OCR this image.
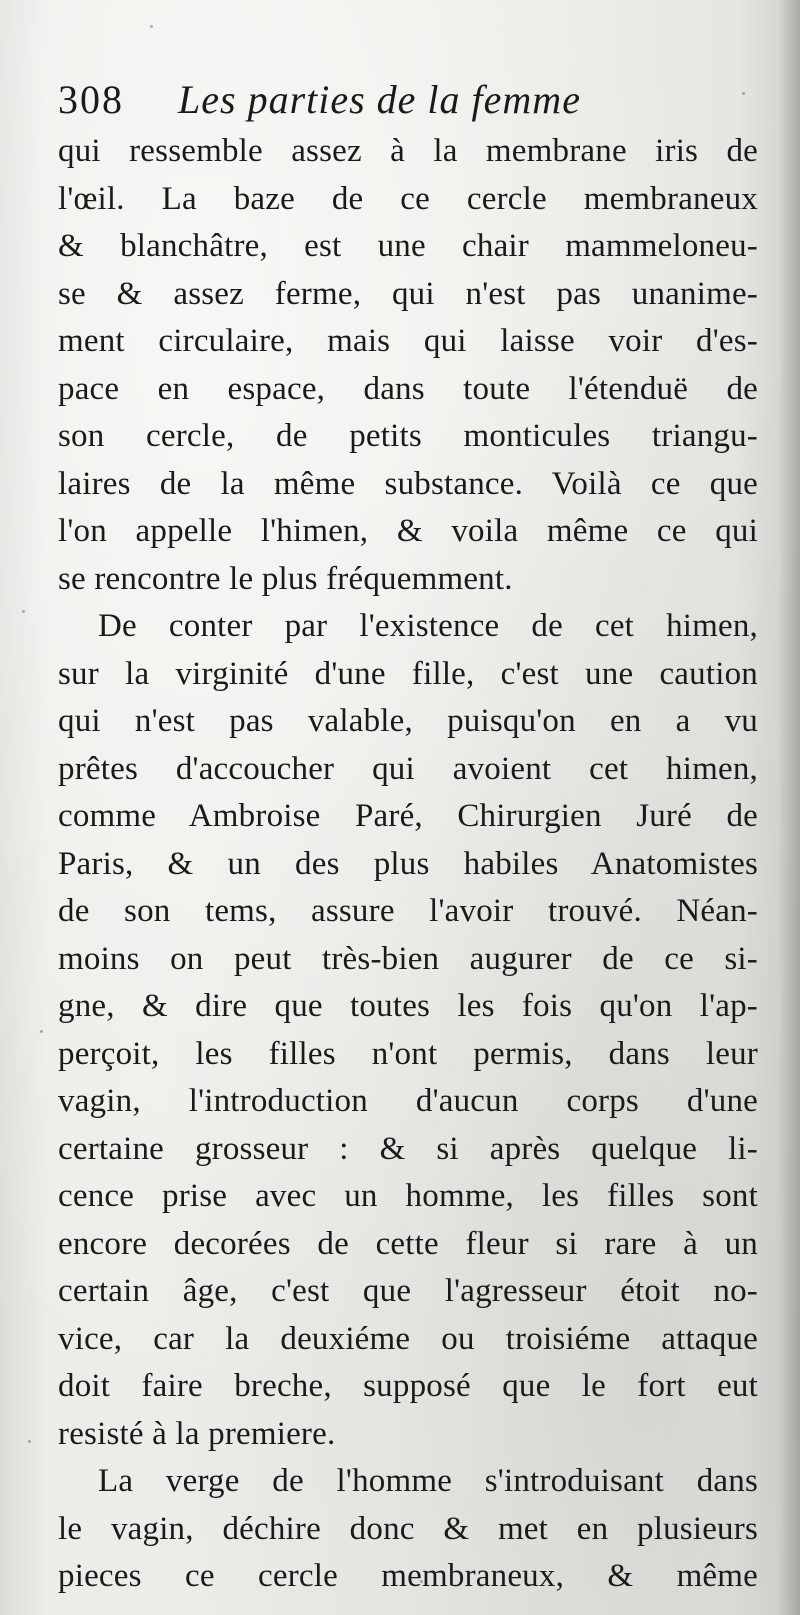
308 Les parties de la femme
qui ressemble assez à la membrane iris de
l'œil. La baze de ce cercle membraneux
& blanchâtre, est une chair mammeloneu-
se & assez ferme, qui n'est pas unanime-
ment circulaire, mais qui laisse voir d'es-
pace en espace, dans toute l'étenduë de
son cercle, de petits monticules triangu-
laires de la même substance. Voilà ce que
l'on appelle l'himen, & voila même ce qui
se rencontre le plus fréquemment.
De conter par l'existence de cet himen,
sur la virginité d'une fille, c'est une caution
qui n'est pas valable, puisqu'on en a vu
prêtes d'accoucher qui avoient cet himen,
comme Ambroise Paré, Chirurgien Juré de
Paris, & un des plus habiles Anatomistes
de son tems, assure l'avoir trouvé. Néan-
moins on peut très-bien augurer de ce si-
gne, & dire que toutes les fois qu'on l'ap-
perçoit, les filles n'ont permis, dans leur
vagin, l'introduction d'aucun corps d'une
certaine grosseur : & si après quelque li-
cence prise avec un homme, les filles sont
encore decorées de cette fleur si rare à un
certain âge, c'est que l'agresseur étoit no-
vice, car la deuxiéme ou troisiéme attaque
doit faire breche, supposé que le fort eut
resisté à la premiere.
La verge de l'homme s'introduisant dans
le vagin, déchire donc & met en plusieurs
pieces ce cercle membraneux, & même
